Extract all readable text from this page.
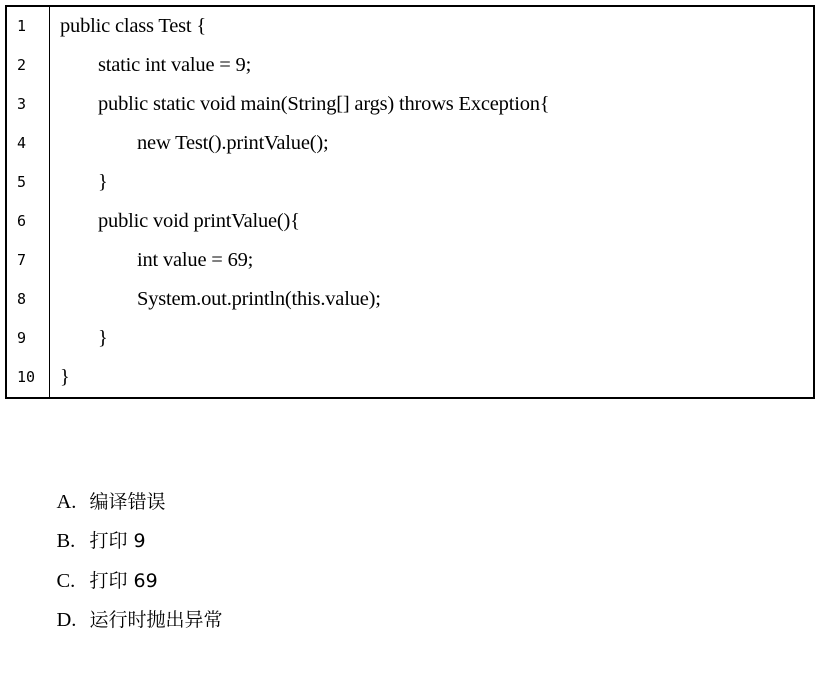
1	public class Test {
2	static int value = 9;
3	public static void main(String[] args) throws Exception{
4	new Test().printValue();
5	}
6	public void printValue(){
7	int value = 69;
8	System.out.println(this.value);
9	}
10	}

A. 编译错误

B. 打印 9

C. 打印 69

D. 运行时抛出异常
